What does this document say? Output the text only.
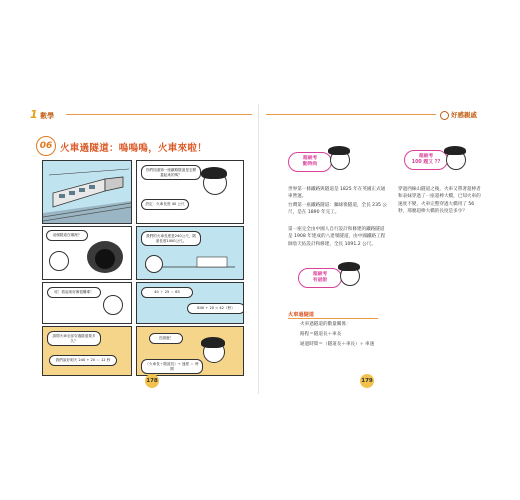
1 數學	好感親戚
06 火車過隧道：嗚嗚嗚，火車來啦！
你們知道第一座鐵路隧道是怎麼蓋起來的嗎？
設定：火車長度 40 公尺
這個隧道在哪裡？	我們的火車長度是240公尺，隧道長度1000公尺。
哇！看起來好像很難耶！	40 ＋ 25 ＝ 65
840 ÷ 20 = 42（秒）
請問火車全部穿過隧道要多久？
我們說好明天 240 ÷ 20 ＝ 12 秒
長頸鹿！
（火車長＋隧道長）÷ 速度 ＝ 時間
178
超級考
動時尚
世界第一條鐵路與隧道是 1825 年在英國正式通車營運。
台灣第一座鐵路隧道：獅球嶺隧道，全長 235 公尺，是在 1890 年完工。
第一座完全由中國人自行設計和修建的鐵路隧道是 1908 年建成的八達嶺隧道，由中國鐵路工程師詹天佑設計和修建，全長 1091.2 公尺。
超級考
有話說
火車過隧道
火車過隧道的數量關係：
路程＝隧道長＋車長
通過時間＝（隧道長＋車長）÷ 車速
超級考
100 題又 ??
穿過西線山隧道之後，火車又帶著超棒者和表妹穿過了一座超棒大橋，已知火車的速度不變，火車完整穿過大橋用了 56 秒，那麼超棒大橋的長度是多少？
179
